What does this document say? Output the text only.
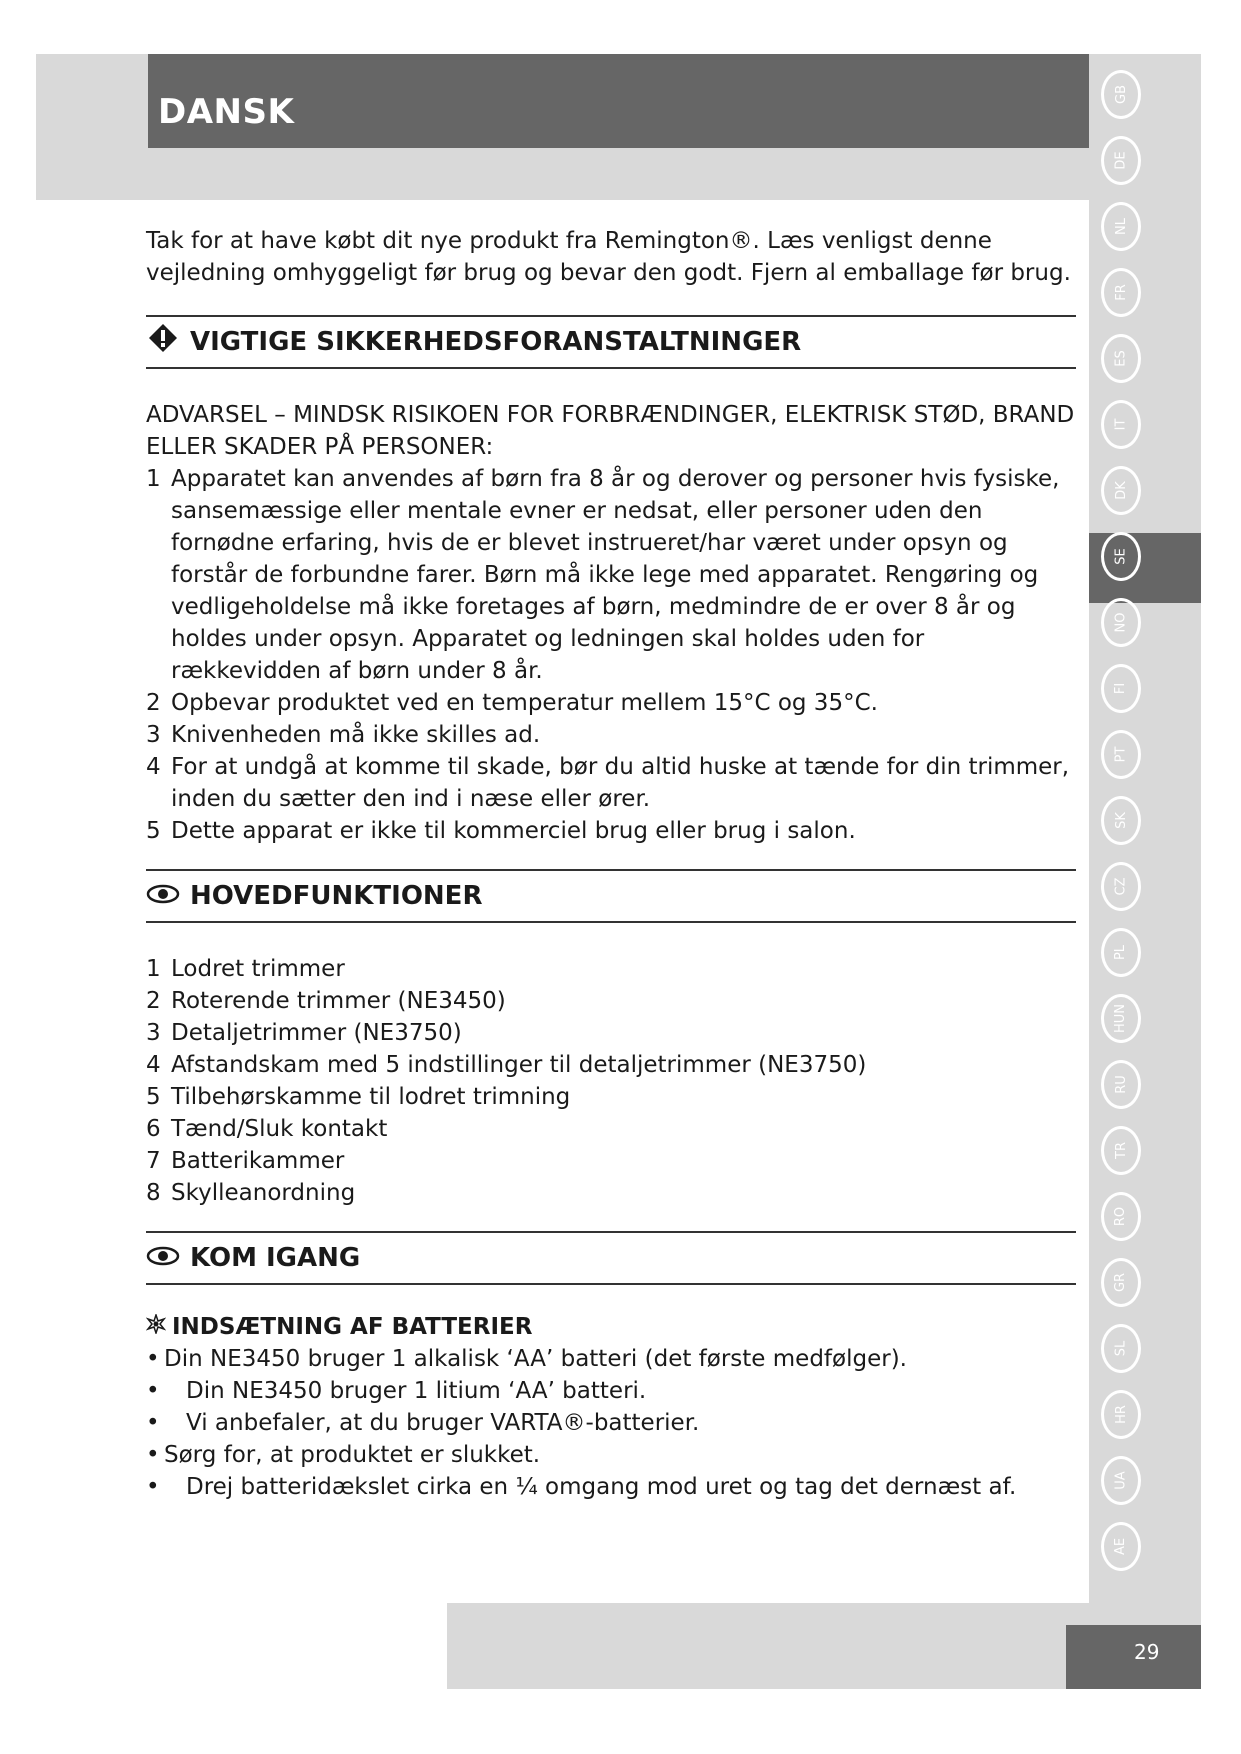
DANSK	GB
DE
NL
FR
ES
IT
DK
SE
NO
FI
PT
SK
CZ
PL
HUN
RU
TR
RO
GR
SL
HR
UA
AE
29

Tak for at have købt dit nye produkt fra Remington®. Læs venligst denne vejledning omhyggeligt før brug og bevar den godt. Fjern al emballage før brug.

VIGTIGE SIKKERHEDSFORANSTALTNINGER

ADVARSEL – MINDSK RISIKOEN FOR FORBRÆNDINGER, ELEKTRISK STØD, BRAND ELLER SKADER PÅ PERSONER:

1 Apparatet kan anvendes af børn fra 8 år og derover og personer hvis fysiske, sansemæssige eller mentale evner er nedsat, eller personer uden den fornødne erfaring, hvis de er blevet instrueret/har været under opsyn og forstår de forbundne farer. Børn må ikke lege med apparatet. Rengøring og vedligeholdelse må ikke foretages af børn, medmindre de er over 8 år og holdes under opsyn. Apparatet og ledningen skal holdes uden for rækkevidden af børn under 8 år.
2 Opbevar produktet ved en temperatur mellem 15°C og 35°C.
3 Knivenheden må ikke skilles ad.
4 For at undgå at komme til skade, bør du altid huske at tænde for din trimmer, inden du sætter den ind i næse eller ører.
5 Dette apparat er ikke til kommerciel brug eller brug i salon.
HOVEDFUNKTIONER
1 Lodret trimmer
2 Roterende trimmer (NE3450)
3 Detaljetrimmer (NE3750)
4 Afstandskam med 5 indstillinger til detaljetrimmer (NE3750)
5 Tilbehørskamme til lodret trimning
6 Tænd/Sluk kontakt
7 Batterikammer
8 Skylleanordning
KOM IGANG
INDSÆTNING AF BATTERIER
• Din NE3450 bruger 1 alkalisk ‘AA’ batteri (det første medfølger).
•	Din NE3450 bruger 1 litium ‘AA’ batteri.
•	Vi anbefaler, at du bruger VARTA®-batterier.
• Sørg for, at produktet er slukket.
•	Drej batteridækslet cirka en ¼ omgang mod uret og tag det dernæst af.
